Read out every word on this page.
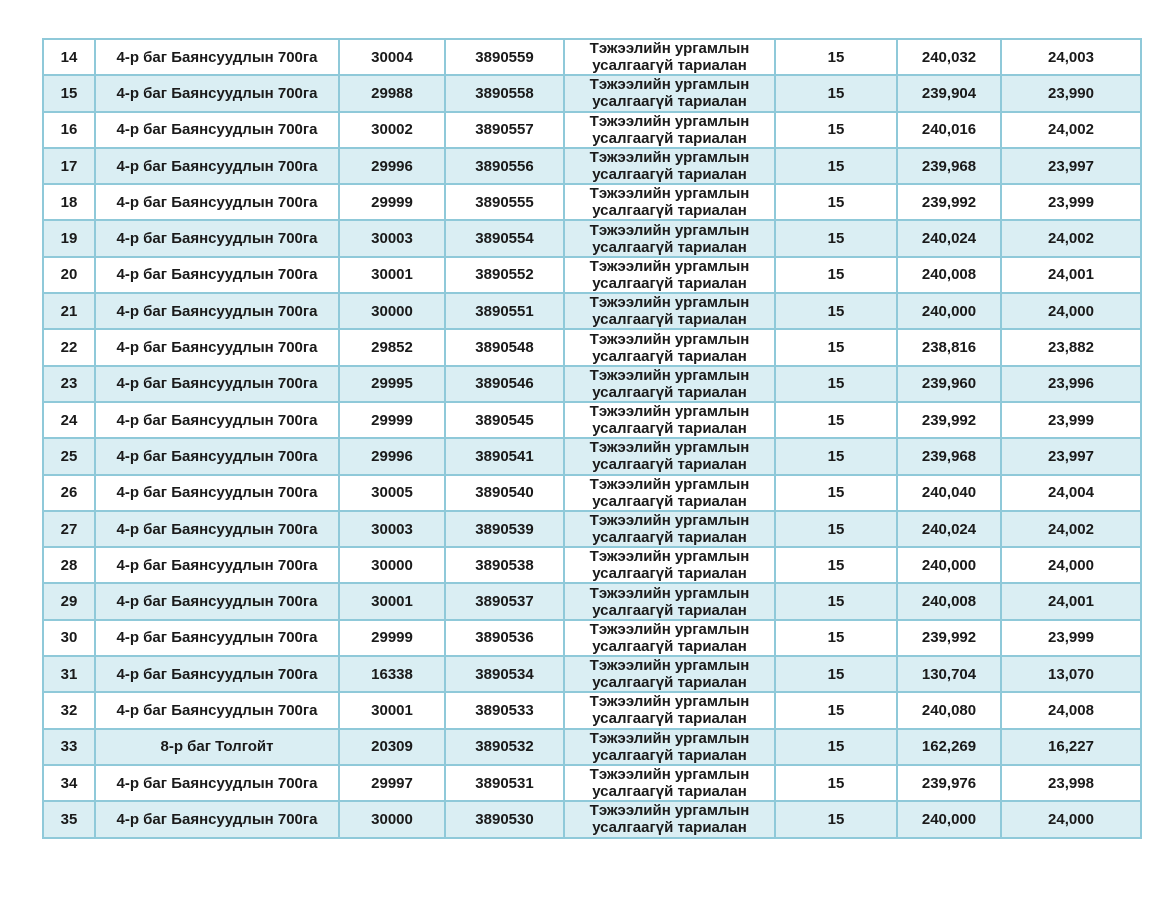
14	4-р баг Баянсуудлын 700га	30004	3890559	Тэжээлийн ургамлын усалгаагүй тариалан	15	240,032	24,003
15	4-р баг Баянсуудлын 700га	29988	3890558	Тэжээлийн ургамлын усалгаагүй тариалан	15	239,904	23,990
16	4-р баг Баянсуудлын 700га	30002	3890557	Тэжээлийн ургамлын усалгаагүй тариалан	15	240,016	24,002
17	4-р баг Баянсуудлын 700га	29996	3890556	Тэжээлийн ургамлын усалгаагүй тариалан	15	239,968	23,997
18	4-р баг Баянсуудлын 700га	29999	3890555	Тэжээлийн ургамлын усалгаагүй тариалан	15	239,992	23,999
19	4-р баг Баянсуудлын 700га	30003	3890554	Тэжээлийн ургамлын усалгаагүй тариалан	15	240,024	24,002
20	4-р баг Баянсуудлын 700га	30001	3890552	Тэжээлийн ургамлын усалгаагүй тариалан	15	240,008	24,001
21	4-р баг Баянсуудлын 700га	30000	3890551	Тэжээлийн ургамлын усалгаагүй тариалан	15	240,000	24,000
22	4-р баг Баянсуудлын 700га	29852	3890548	Тэжээлийн ургамлын усалгаагүй тариалан	15	238,816	23,882
23	4-р баг Баянсуудлын 700га	29995	3890546	Тэжээлийн ургамлын усалгаагүй тариалан	15	239,960	23,996
24	4-р баг Баянсуудлын 700га	29999	3890545	Тэжээлийн ургамлын усалгаагүй тариалан	15	239,992	23,999
25	4-р баг Баянсуудлын 700га	29996	3890541	Тэжээлийн ургамлын усалгаагүй тариалан	15	239,968	23,997
26	4-р баг Баянсуудлын 700га	30005	3890540	Тэжээлийн ургамлын усалгаагүй тариалан	15	240,040	24,004
27	4-р баг Баянсуудлын 700га	30003	3890539	Тэжээлийн ургамлын усалгаагүй тариалан	15	240,024	24,002
28	4-р баг Баянсуудлын 700га	30000	3890538	Тэжээлийн ургамлын усалгаагүй тариалан	15	240,000	24,000
29	4-р баг Баянсуудлын 700га	30001	3890537	Тэжээлийн ургамлын усалгаагүй тариалан	15	240,008	24,001
30	4-р баг Баянсуудлын 700га	29999	3890536	Тэжээлийн ургамлын усалгаагүй тариалан	15	239,992	23,999
31	4-р баг Баянсуудлын 700га	16338	3890534	Тэжээлийн ургамлын усалгаагүй тариалан	15	130,704	13,070
32	4-р баг Баянсуудлын 700га	30001	3890533	Тэжээлийн ургамлын усалгаагүй тариалан	15	240,080	24,008
33	8-р баг Толгойт	20309	3890532	Тэжээлийн ургамлын усалгаагүй тариалан	15	162,269	16,227
34	4-р баг Баянсуудлын 700га	29997	3890531	Тэжээлийн ургамлын усалгаагүй тариалан	15	239,976	23,998
35	4-р баг Баянсуудлын 700га	30000	3890530	Тэжээлийн ургамлын усалгаагүй тариалан	15	240,000	24,000
